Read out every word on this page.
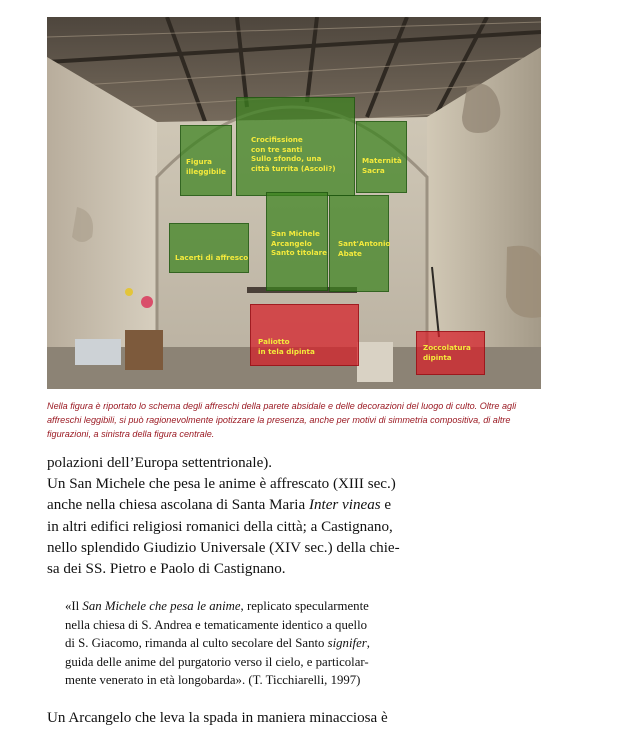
Figura
illeggibile
Crocifissione
con tre santi
Sullo sfondo, una
città turrita (Ascoli?)
Maternità
Sacra
Lacerti di affresco
San Michele
Arcangelo
Santo titolare
Sant'Antonio
Abate
Paliotto
in tela dipinta	Zoccolatura
dipinta
Nella figura è riportato lo schema degli affreschi della parete absidale e delle decorazioni del luogo di culto. Oltre agli affreschi leggibili, si può ragionevolmente ipotizzare la presenza, anche per motivi di simmetria compositiva, di altre figurazioni, a sinistra della figura centrale.
polazioni dell’Europa settentrionale).
Un San Michele che pesa le anime è affrescato (XIII sec.)
anche nella chiesa ascolana di Santa Maria Inter vineas e
in altri edifici religiosi romanici della città; a Castignano,
nello splendido Giudizio Universale (XIV sec.) della chie-
sa dei SS. Pietro e Paolo di Castignano.
«Il San Michele che pesa le anime, replicato specularmente
nella chiesa di S. Andrea e tematicamente identico a quello
di S. Giacomo, rimanda al culto secolare del Santo signifer,
guida delle anime del purgatorio verso il cielo, e particolar-
mente venerato in età longobarda». (T. Ticchiarelli, 1997)
Un Arcangelo che leva la spada in maniera minacciosa è
